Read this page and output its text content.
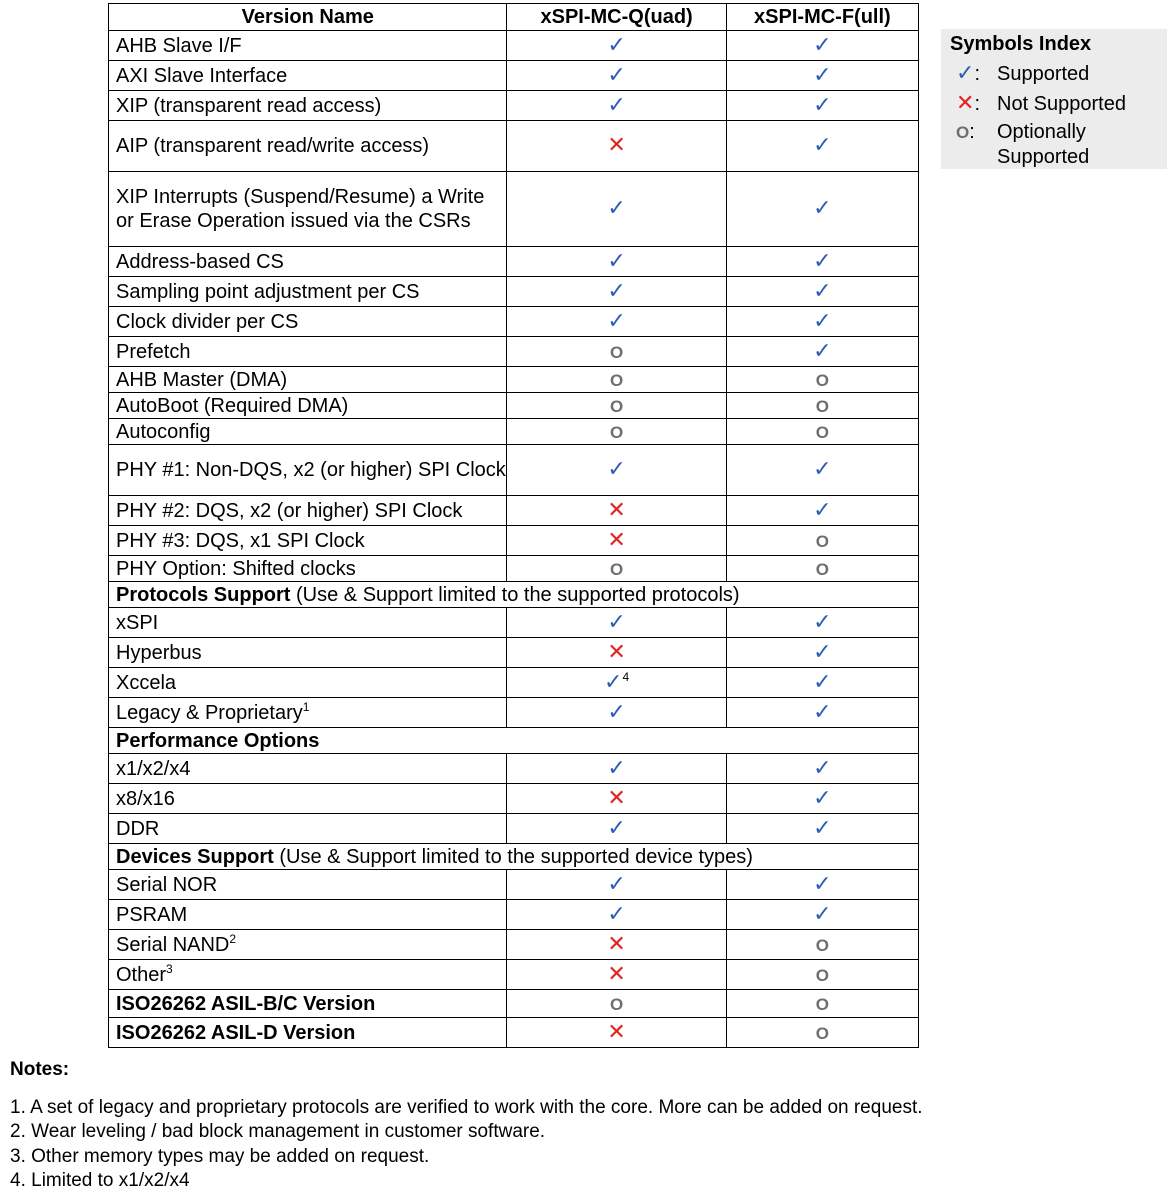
Version Name	xSPI-MC-Q(uad)	xSPI-MC-F(ull)
AHB Slave I/F	✓	✓
AXI Slave Interface	✓	✓
XIP (transparent read access)	✓	✓
AIP (transparent read/write access)	✕	✓
XIP Interrupts (Suspend/Resume) a Write or Erase Operation issued via the CSRs	✓	✓
Address-based CS	✓	✓
Sampling point adjustment per CS	✓	✓
Clock divider per CS	✓	✓
Prefetch	O	✓
AHB Master (DMA)	O	O
AutoBoot (Required DMA)	O	O
Autoconfig	O	O
PHY #1: Non-DQS, x2 (or higher) SPI Clock	✓	✓
PHY #2: DQS, x2 (or higher) SPI Clock	✕	✓
PHY #3: DQS, x1 SPI Clock	✕	O
PHY Option: Shifted clocks	O	O
Protocols Support (Use & Support limited to the supported protocols)		
xSPI	✓	✓
Hyperbus	✕	✓
Xccela	✓$^4$	✓
Legacy & Proprietary$^1$	✓	✓
Performance Options		
x1/x2/x4	✓	✓
x8/x16	✕	✓
DDR	✓	✓
Devices Support (Use & Support limited to the supported device types)		
Serial NOR	✓	✓
PSRAM	✓	✓
Serial NAND$^2$	✕	O
Other$^3$	✕	O
ISO26262 ASIL-B/C Version	O	O
ISO26262 ASIL-D Version	✕	O
Symbols Index
✓: Supported
✕: Not Supported
O: Optionally Supported
Notes:
1. A set of legacy and proprietary protocols are verified to work with the core. More can be added on request.
2. Wear leveling / bad block management in customer software.
3. Other memory types may be added on request.
4. Limited to x1/x2/x4
